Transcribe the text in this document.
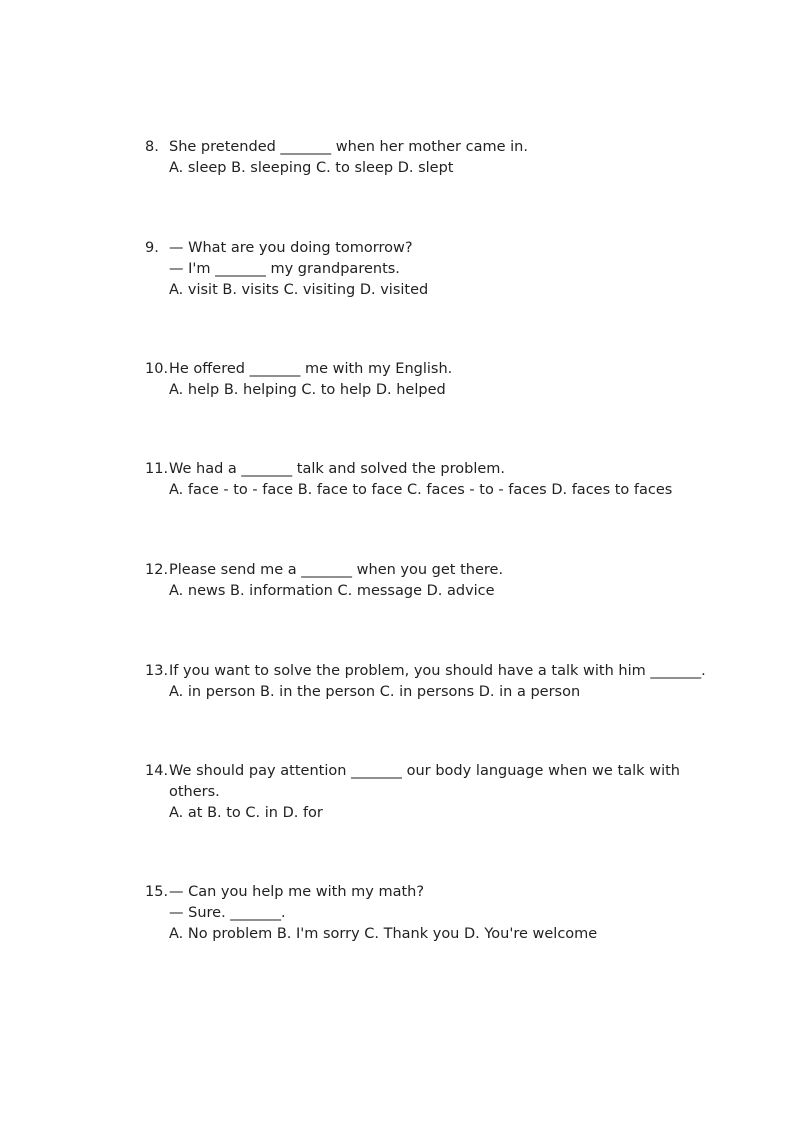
8. She pretended _______ when her mother came in.
A. sleep B. sleeping C. to sleep D. slept
9. — What are you doing tomorrow?
— I'm _______ my grandparents.
A. visit B. visits C. visiting D. visited
10. He offered _______ me with my English.
A. help B. helping C. to help D. helped
11. We had a _______ talk and solved the problem.
A. face - to - face B. face to face C. faces - to - faces D. faces to faces
12. Please send me a _______ when you get there.
A. news B. information C. message D. advice
13. If you want to solve the problem, you should have a talk with him _______.
A. in person B. in the person C. in persons D. in a person
14. We should pay attention _______ our body language when we talk with
others.
A. at B. to C. in D. for
15. — Can you help me with my math?
— Sure. _______.
A. No problem B. I'm sorry C. Thank you D. You're welcome
